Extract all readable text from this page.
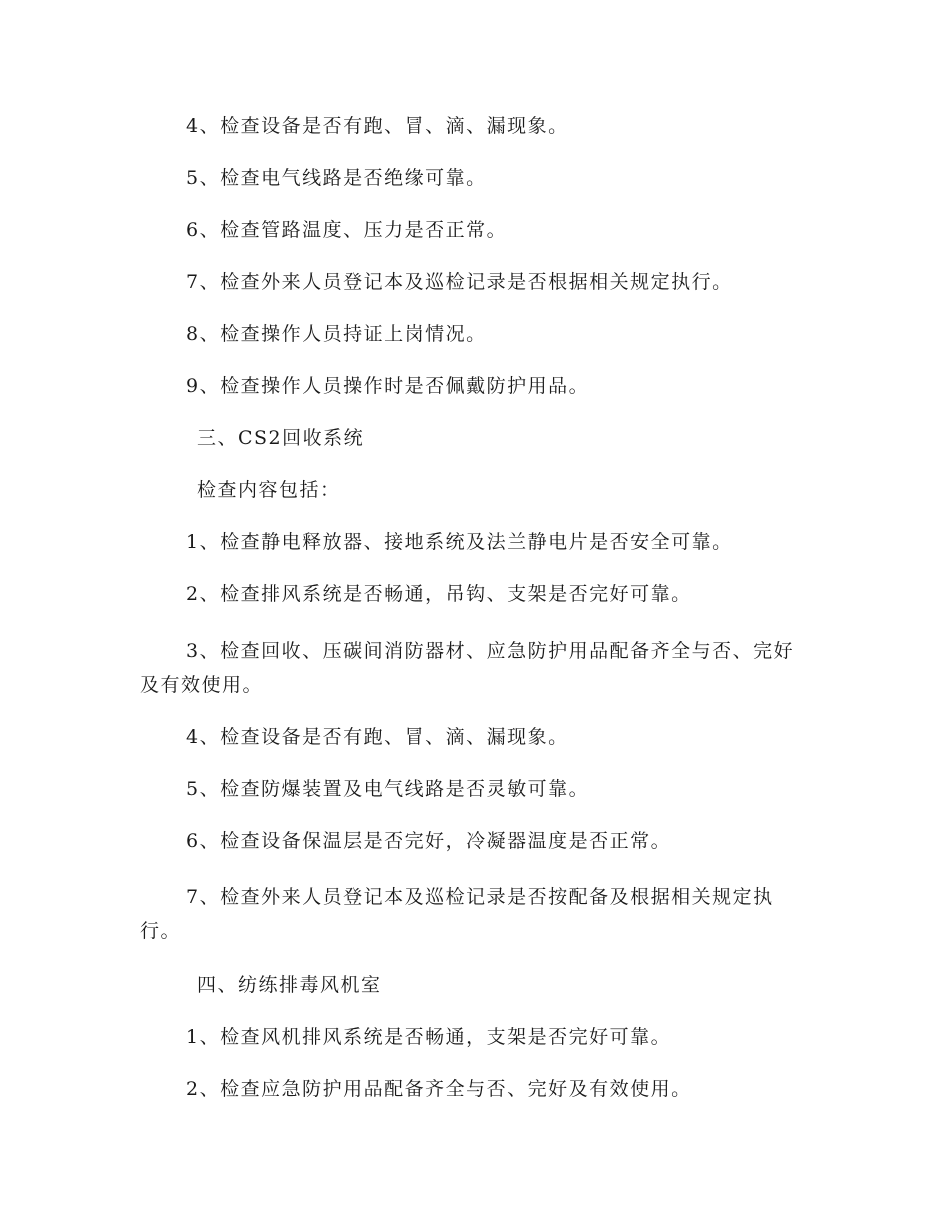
4、检查设备是否有跑、冒、滴、漏现象。

5、检查电气线路是否绝缘可靠。

6、检查管路温度、压力是否正常。

7、检查外来人员登记本及巡检记录是否根据相关规定执行。

8、检查操作人员持证上岗情况。

9、检查操作人员操作时是否佩戴防护用品。

三、CS2回收系统

检查内容包括：

1、检查静电释放器、接地系统及法兰静电片是否安全可靠。

2、检查排风系统是否畅通，吊钩、支架是否完好可靠。

3、检查回收、压碳间消防器材、应急防护用品配备齐全与否、完好及有效使用。

4、检查设备是否有跑、冒、滴、漏现象。

5、检查防爆装置及电气线路是否灵敏可靠。

6、检查设备保温层是否完好，冷凝器温度是否正常。

7、检查外来人员登记本及巡检记录是否按配备及根据相关规定执行。

四、纺练排毒风机室

1、检查风机排风系统是否畅通，支架是否完好可靠。

2、检查应急防护用品配备齐全与否、完好及有效使用。
